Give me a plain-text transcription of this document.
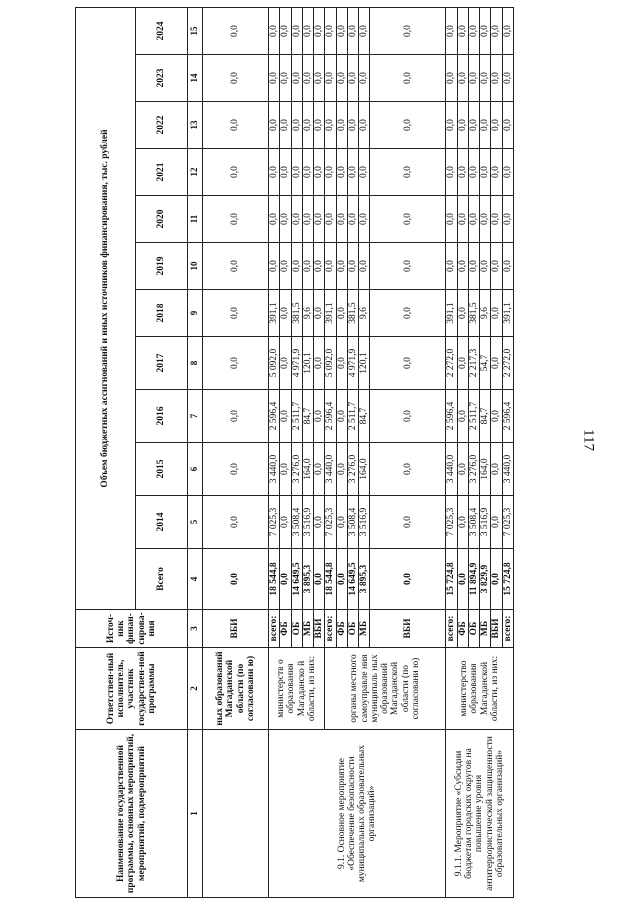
117
Наименование государственной программы, основных мероприятий, мероприятий, подмероприятий	Ответствен-ный исполнитель, участник государствен-ной программы	Источ-ник финан-сирова-ния	Объем бюджетных ассигнований и иных источников финансирования, тыс. рублей											
			Всего	2014	2015	2016	2017	2018	2019	2020	2021	2022	2023	2024
1	2	3	4	5	6	7	8	9	10	11	12	13	14	15
	ных образований Магаданской области (по согласовани ю)	ВБИ	0,0	0,0	0,0	0,0	0,0	0,0	0,0	0,0	0,0	0,0	0,0	0,0
9.1. Основное мероприятие «Обеспечение безопасности муниципальных образовательных организаций»	министерств о образования Магаданско й области, из них:	всего:	18 544,8	7 025,3	3 440,0	2 596,4	5 092,0	391,1	0,0	0,0	0,0	0,0	0,0	0,0
		ФБ	0,0	0,0	0,0	0,0	0,0	0,0	0,0	0,0	0,0	0,0	0,0	0,0
		ОБ	14 649,5	3 508,4	3 276,0	2 511,7	4 971,9	381,5	0,0	0,0	0,0	0,0	0,0	0,0
		МБ	3 895,3	3 516,9	164,0	84,7	120,1	9,6	0,0	0,0	0,0	0,0	0,0	0,0
		ВБИ	0,0	0,0	0,0	0,0	0,0	0,0	0,0	0,0	0,0	0,0	0,0	0,0
	органы местного самоуправле ния муниципаль ных образований Магаданской области (по согласовани ю)	всего:	18 544,8	7 025,3	3 440,0	2 596,4	5 092,0	391,1	0,0	0,0	0,0	0,0	0,0	0,0
		ФБ	0,0	0,0	0,0	0,0	0,0	0,0	0,0	0,0	0,0	0,0	0,0	0,0
		ОБ	14 649,5	3 508,4	3 276,0	2 511,7	4 971,9	381,5	0,0	0,0	0,0	0,0	0,0	0,0
		МБ	3 895,3	3 516,9	164,0	84,7	120,1	9,6	0,0	0,0	0,0	0,0	0,0	0,0
		ВБИ	0,0	0,0	0,0	0,0	0,0	0,0	0,0	0,0	0,0	0,0	0,0	0,0
9.1.1. Мероприятие «Субсидии бюджетам городских округов на повышение уровня антитеррористической защищенности образовательных организаций»	министерство образования Магаданской области, из них:	всего:	15 724,8	7 025,3	3 440,0	2 596,4	2 272,0	391,1	0,0	0,0	0,0	0,0	0,0	0,0
		ФБ	0,0	0,0	0,0	0,0	0,0	0,0	0,0	0,0	0,0	0,0	0,0	0,0
		ОБ	11 894,9	3 508,4	3 276,0	2 511,7	2 217,3	381,5	0,0	0,0	0,0	0,0	0,0	0,0
		МБ	3 829,9	3 516,9	164,0	84,7	54,7	9,6	0,0	0,0	0,0	0,0	0,0	0,0
		ВБИ	0,0	0,0	0,0	0,0	0,0	0,0	0,0	0,0	0,0	0,0	0,0	0,0
		всего:	15 724,8	7 025,3	3 440,0	2 596,4	2 272,0	391,1	0,0	0,0	0,0	0,0	0,0	0,0
